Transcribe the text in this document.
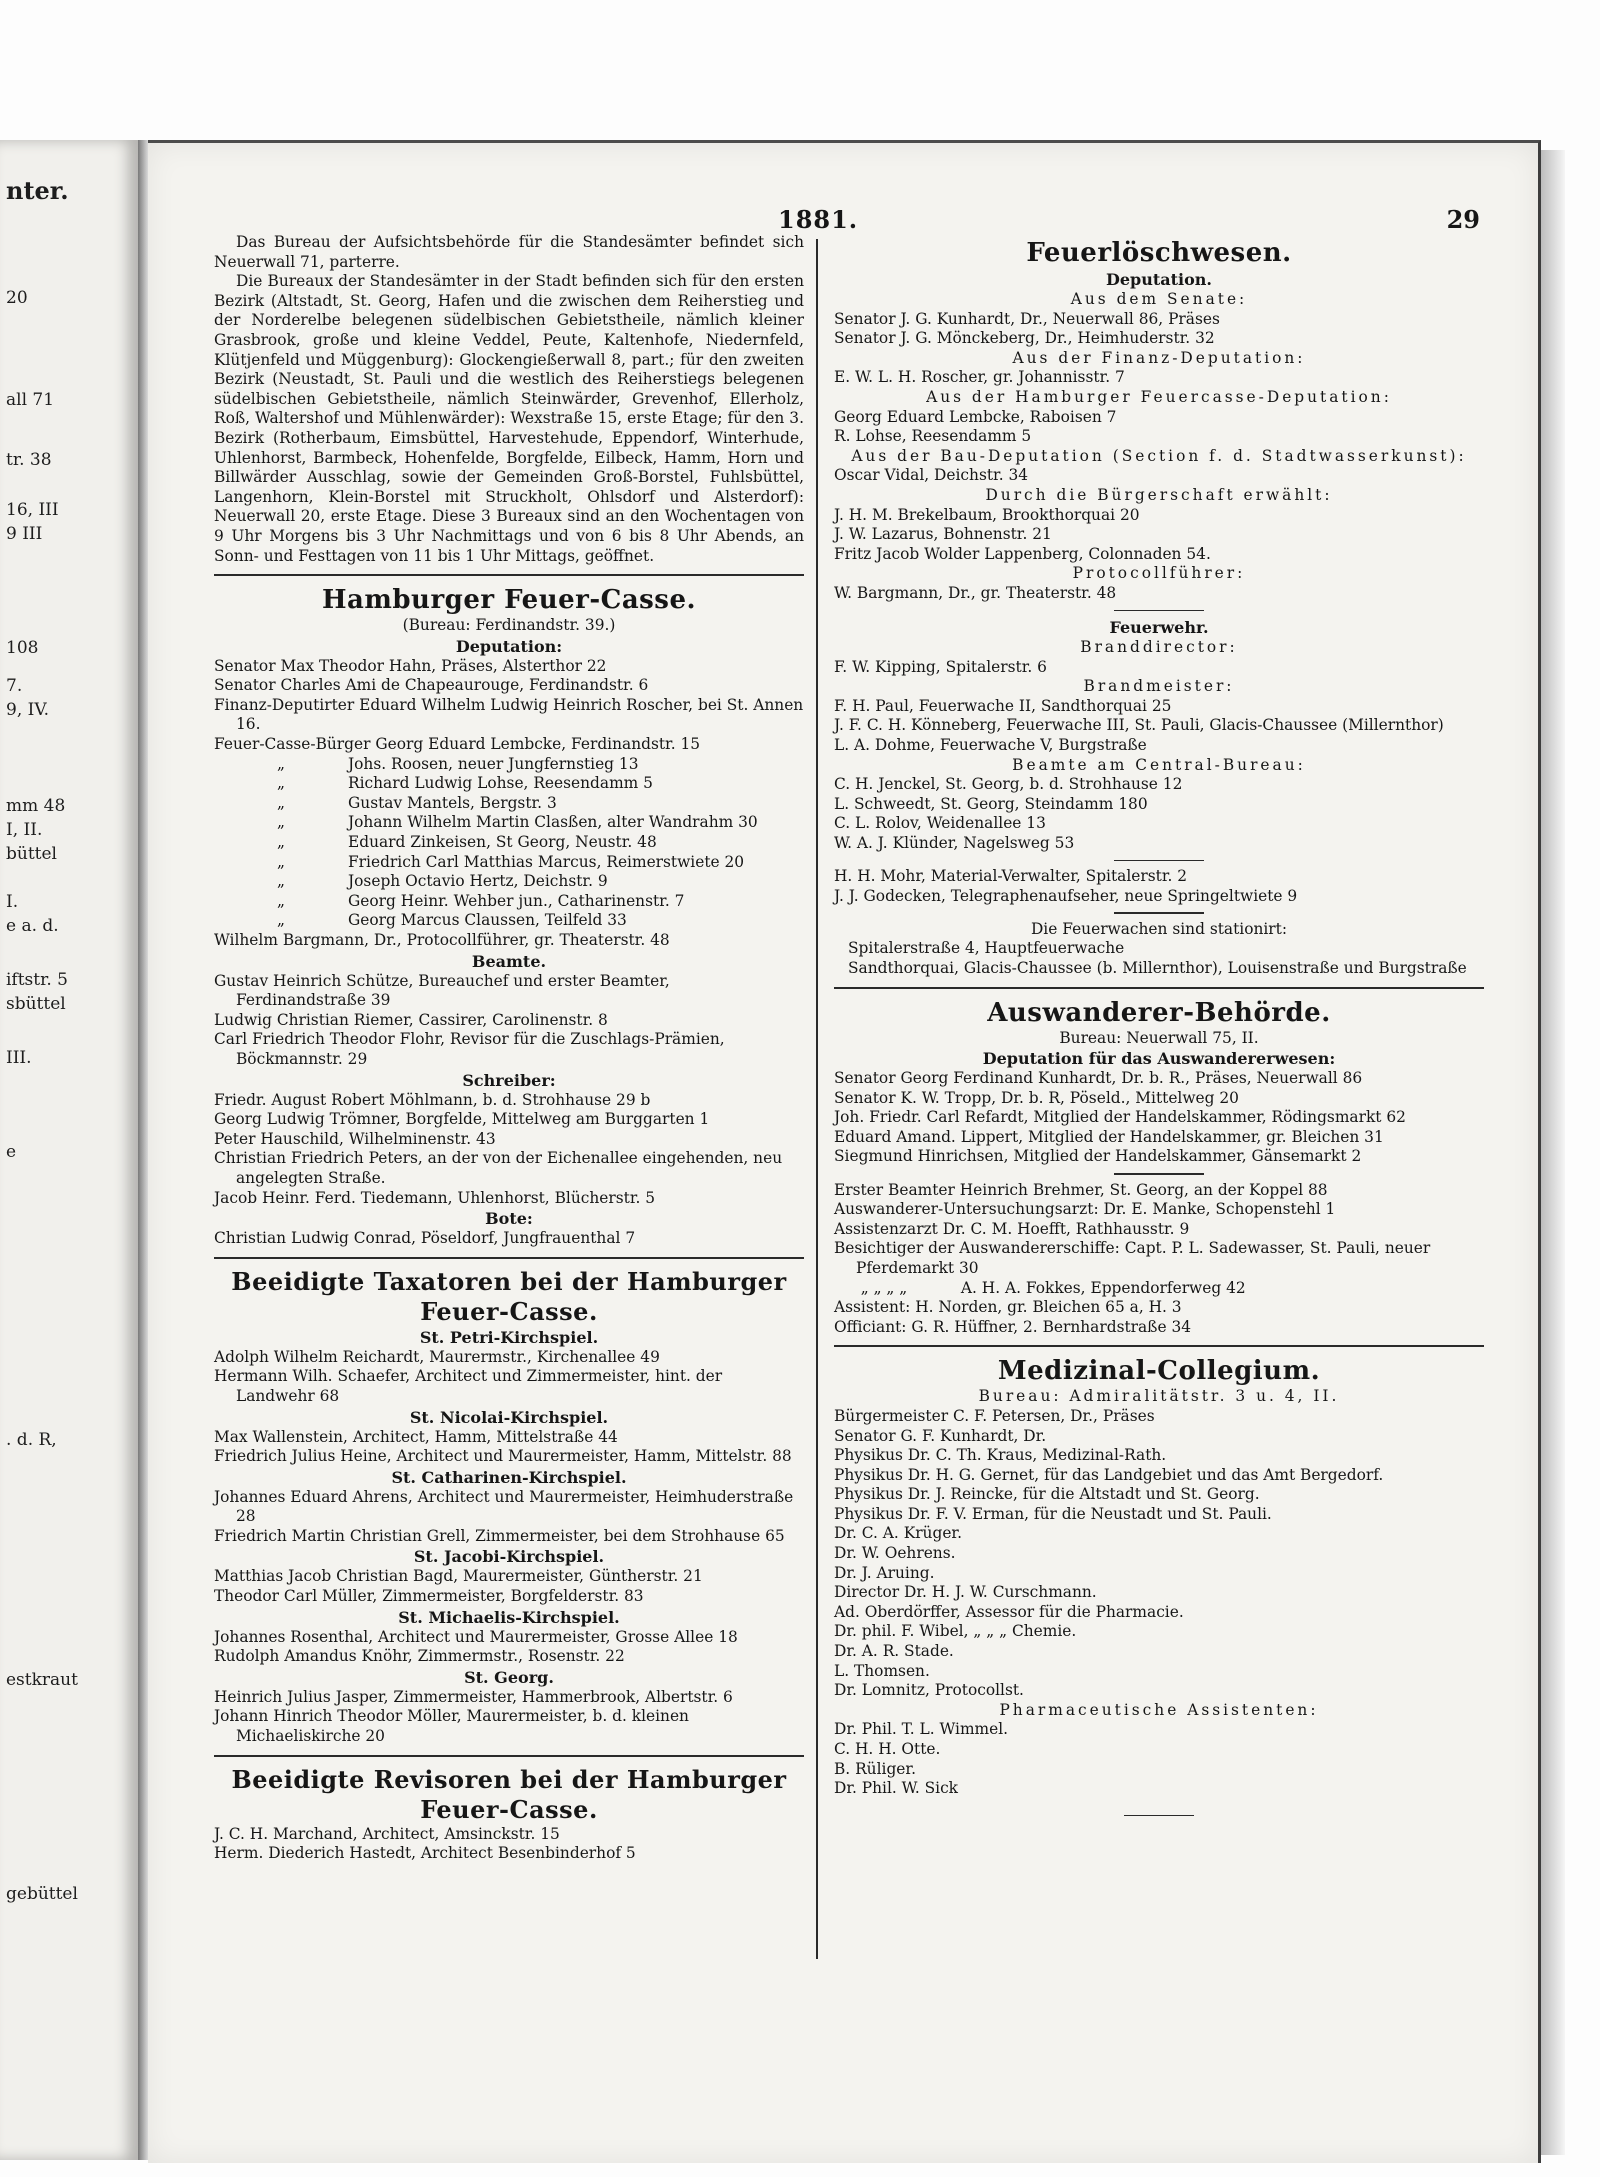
nter.
20
all 71
tr. 38
16, III
9 III
108
7.
9, IV.
mm 48
I, II.
büttel
I.
e a. d.
iftstr. 5
sbüttel
III.
e
. d. R,
estkraut
gebüttel
1881.	29

Das Bureau der Aufsichtsbehörde für die Standesämter befindet sich Neuerwall 71, parterre.

Die Bureaux der Standesämter in der Stadt befinden sich für den ersten Bezirk (Altstadt, St. Georg, Hafen und die zwischen dem Reiherstieg und der Norderelbe belegenen südelbischen Gebietstheile, nämlich kleiner Grasbrook, große und kleine Veddel, Peute, Kaltenhofe, Niedernfeld, Klütjenfeld und Müggenburg): Glockengießerwall 8, part.; für den zweiten Bezirk (Neustadt, St. Pauli und die westlich des Reiherstiegs belegenen südelbischen Gebietstheile, nämlich Steinwärder, Grevenhof, Ellerholz, Roß, Waltershof und Mühlenwärder): Wexstraße 15, erste Etage; für den 3. Bezirk (Rotherbaum, Eimsbüttel, Harvestehude, Eppendorf, Winterhude, Uhlenhorst, Barmbeck, Hohenfelde, Borgfelde, Eilbeck, Hamm, Horn und Billwärder Ausschlag, sowie der Gemeinden Groß-Borstel, Fuhlsbüttel, Langenhorn, Klein-Borstel mit Struckholt, Ohlsdorf und Alsterdorf): Neuerwall 20, erste Etage. Diese 3 Bureaux sind an den Wochentagen von 9 Uhr Morgens bis 3 Uhr Nachmittags und von 6 bis 8 Uhr Abends, an Sonn- und Festtagen von 11 bis 1 Uhr Mittags, geöffnet.

Hamburger Feuer-Casse.
(Bureau: Ferdinandstr. 39.)
Deputation:
Senator Max Theodor Hahn, Präses, Alsterthor 22
Senator Charles Ami de Chapeaurouge, Ferdinandstr. 6
Finanz-Deputirter Eduard Wilhelm Ludwig Heinrich Roscher, bei St. Annen 16.
Feuer-Casse-Bürger Georg Eduard Lembcke, Ferdinandstr. 15
„	Johs. Roosen, neuer Jungfernstieg 13
„	Richard Ludwig Lohse, Reesendamm 5
„	Gustav Mantels, Bergstr. 3
„	Johann Wilhelm Martin Clasßen, alter Wandrahm 30
„	Eduard Zinkeisen, St Georg, Neustr. 48
„	Friedrich Carl Matthias Marcus, Reimerstwiete 20
„	Joseph Octavio Hertz, Deichstr. 9
„	Georg Heinr. Wehber jun., Catharinenstr. 7
„	Georg Marcus Claussen, Teilfeld 33
Wilhelm Bargmann, Dr., Protocollführer, gr. Theaterstr. 48
Beamte.
Gustav Heinrich Schütze, Bureauchef und erster Beamter, Ferdinandstraße 39
Ludwig Christian Riemer, Cassirer, Carolinenstr. 8
Carl Friedrich Theodor Flohr, Revisor für die Zuschlags-Prämien, Böckmannstr. 29
Schreiber:
Friedr. August Robert Möhlmann, b. d. Strohhause 29 b
Georg Ludwig Trömner, Borgfelde, Mittelweg am Burggarten 1
Peter Hauschild, Wilhelminenstr. 43
Christian Friedrich Peters, an der von der Eichenallee eingehenden, neu angelegten Straße.
Jacob Heinr. Ferd. Tiedemann, Uhlenhorst, Blücherstr. 5
Bote:
Christian Ludwig Conrad, Pöseldorf, Jungfrauenthal 7
Beeidigte Taxatoren bei der Hamburger Feuer-Casse.
St. Petri-Kirchspiel.
Adolph Wilhelm Reichardt, Maurermstr., Kirchenallee 49
Hermann Wilh. Schaefer, Architect und Zimmermeister, hint. der Landwehr 68
St. Nicolai-Kirchspiel.
Max Wallenstein, Architect, Hamm, Mittelstraße 44
Friedrich Julius Heine, Architect und Maurermeister, Hamm, Mittelstr. 88
St. Catharinen-Kirchspiel.
Johannes Eduard Ahrens, Architect und Maurermeister, Heimhuderstraße 28
Friedrich Martin Christian Grell, Zimmermeister, bei dem Strohhause 65
St. Jacobi-Kirchspiel.
Matthias Jacob Christian Bagd, Maurermeister, Güntherstr. 21
Theodor Carl Müller, Zimmermeister, Borgfelderstr. 83
St. Michaelis-Kirchspiel.
Johannes Rosenthal, Architect und Maurermeister, Grosse Allee 18
Rudolph Amandus Knöhr, Zimmermstr., Rosenstr. 22
St. Georg.
Heinrich Julius Jasper, Zimmermeister, Hammerbrook, Albertstr. 6
Johann Hinrich Theodor Möller, Maurermeister, b. d. kleinen Michaeliskirche 20
Beeidigte Revisoren bei der Hamburger Feuer-Casse.
J. C. H. Marchand, Architect, Amsinckstr. 15
Herm. Diederich Hastedt, Architect Besenbinderhof 5
Feuerlöschwesen.
Deputation.
Aus dem Senate:
Senator J. G. Kunhardt, Dr., Neuerwall 86, Präses
Senator J. G. Mönckeberg, Dr., Heimhuderstr. 32
Aus der Finanz-Deputation:
E. W. L. H. Roscher, gr. Johannisstr. 7
Aus der Hamburger Feuercasse-Deputation:
Georg Eduard Lembcke, Raboisen 7
R. Lohse, Reesendamm 5
Aus der Bau-Deputation (Section f. d. Stadtwasserkunst):
Oscar Vidal, Deichstr. 34
Durch die Bürgerschaft erwählt:
J. H. M. Brekelbaum, Brookthorquai 20
J. W. Lazarus, Bohnenstr. 21
Fritz Jacob Wolder Lappenberg, Colonnaden 54.
Protocollführer:
W. Bargmann, Dr., gr. Theaterstr. 48
Feuerwehr.
Branddirector:
F. W. Kipping, Spitalerstr. 6
Brandmeister:
F. H. Paul, Feuerwache II, Sandthorquai 25
J. F. C. H. Könneberg, Feuerwache III, St. Pauli, Glacis-Chaussee (Millernthor)
L. A. Dohme, Feuerwache V, Burgstraße
Beamte am Central-Bureau:
C. H. Jenckel, St. Georg, b. d. Strohhause 12
L. Schweedt, St. Georg, Steindamm 180
C. L. Rolov, Weidenallee 13
W. A. J. Klünder, Nagelsweg 53
H. H. Mohr, Material-Verwalter, Spitalerstr. 2
J. J. Godecken, Telegraphenaufseher, neue Springeltwiete 9
Die Feuerwachen sind stationirt:
Spitalerstraße 4, Hauptfeuerwache
Sandthorquai, Glacis-Chaussee (b. Millernthor), Louisenstraße und Burgstraße
Auswanderer-Behörde.
Bureau: Neuerwall 75, II.
Deputation für das Auswandererwesen:
Senator Georg Ferdinand Kunhardt, Dr. b. R., Präses, Neuerwall 86
Senator K. W. Tropp, Dr. b. R, Pöseld., Mittelweg 20
Joh. Friedr. Carl Refardt, Mitglied der Handelskammer, Rödingsmarkt 62
Eduard Amand. Lippert, Mitglied der Handelskammer, gr. Bleichen 31
Siegmund Hinrichsen, Mitglied der Handelskammer, Gänsemarkt 2
Erster Beamter Heinrich Brehmer, St. Georg, an der Koppel 88
Auswanderer-Untersuchungsarzt: Dr. E. Manke, Schopenstehl 1
Assistenzarzt Dr. C. M. Hoefft, Rathhausstr. 9
Besichtiger der Auswandererschiffe: Capt. P. L. Sadewasser, St. Pauli, neuer Pferdemarkt 30
„ „ „ „	A. H. A. Fokkes, Eppendorferweg 42
Assistent: H. Norden, gr. Bleichen 65 a, H. 3
Officiant: G. R. Hüffner, 2. Bernhardstraße 34
Medizinal-Collegium.
Bureau: Admiralitätstr. 3 u. 4, II.
Bürgermeister C. F. Petersen, Dr., Präses
Senator G. F. Kunhardt, Dr.
Physikus Dr. C. Th. Kraus, Medizinal-Rath.
Physikus Dr. H. G. Gernet, für das Landgebiet und das Amt Bergedorf.
Physikus Dr. J. Reincke, für die Altstadt und St. Georg.
Physikus Dr. F. V. Erman, für die Neustadt und St. Pauli.
Dr. C. A. Krüger.
Dr. W. Oehrens.
Dr. J. Aruing.
Director Dr. H. J. W. Curschmann.
Ad. Oberdörffer, Assessor für die Pharmacie.
Dr. phil. F. Wibel, „ „ „ Chemie.
Dr. A. R. Stade.
L. Thomsen.
Dr. Lomnitz, Protocollst.
Pharmaceutische Assistenten:
Dr. Phil. T. L. Wimmel.
C. H. H. Otte.
B. Rüliger.
Dr. Phil. W. Sick
